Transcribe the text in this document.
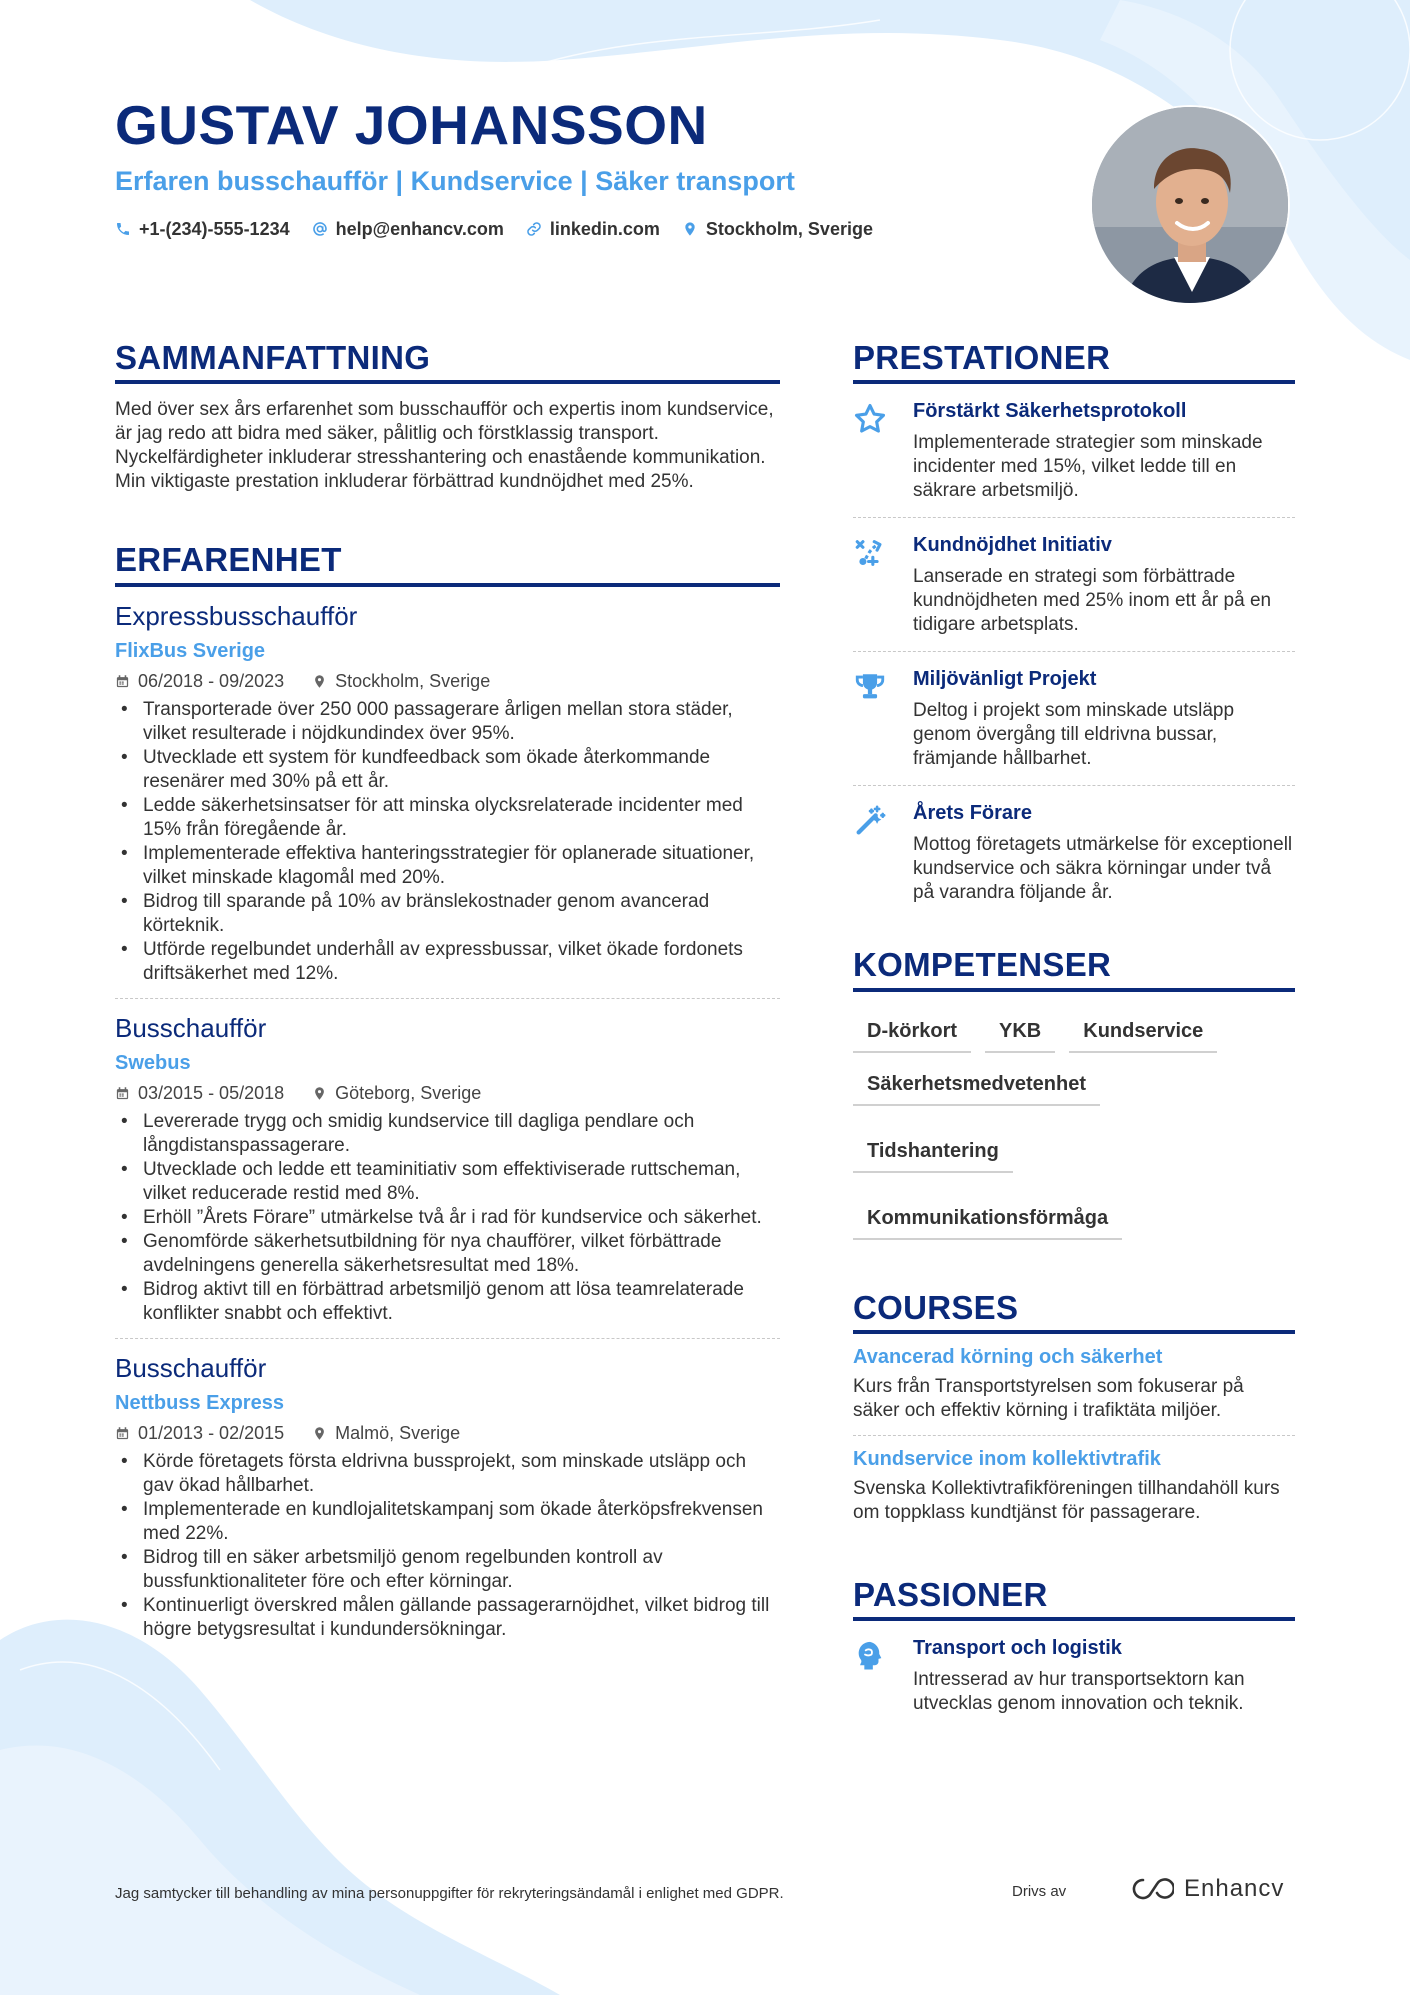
GUSTAV JOHANSSON
Erfaren busschaufför | Kundservice | Säker transport
+1-(234)-555-1234	help@enhancv.com	linkedin.com	Stockholm, Sverige
SAMMANFATTNING
Med över sex års erfarenhet som busschaufför och expertis inom kundservice, är jag redo att bidra med säker, pålitlig och förstklassig transport. Nyckelfärdigheter inkluderar stresshantering och enastående kommunikation. Min viktigaste prestation inkluderar förbättrad kundnöjdhet med 25%.
ERFARENHET
Expressbusschaufför
FlixBus Sverige
06/2018 - 09/2023	Stockholm, Sverige
• Transporterade över 250 000 passagerare årligen mellan stora städer, vilket resulterade i nöjdkundindex över 95%.
• Utvecklade ett system för kundfeedback som ökade återkommande resenärer med 30% på ett år.
• Ledde säkerhetsinsatser för att minska olycksrelaterade incidenter med 15% från föregående år.
• Implementerade effektiva hanteringsstrategier för oplanerade situationer, vilket minskade klagomål med 20%.
• Bidrog till sparande på 10% av bränslekostnader genom avancerad körteknik.
• Utförde regelbundet underhåll av expressbussar, vilket ökade fordonets driftsäkerhet med 12%.
Busschaufför
Swebus
03/2015 - 05/2018	Göteborg, Sverige
• Levererade trygg och smidig kundservice till dagliga pendlare och långdistanspassagerare.
• Utvecklade och ledde ett teaminitiativ som effektiviserade ruttscheman, vilket reducerade restid med 8%.
• Erhöll ”Årets Förare” utmärkelse två år i rad för kundservice och säkerhet.
• Genomförde säkerhetsutbildning för nya chaufförer, vilket förbättrade avdelningens generella säkerhetsresultat med 18%.
• Bidrog aktivt till en förbättrad arbetsmiljö genom att lösa teamrelaterade konflikter snabbt och effektivt.
Busschaufför
Nettbuss Express
01/2013 - 02/2015	Malmö, Sverige
• Körde företagets första eldrivna bussprojekt, som minskade utsläpp och gav ökad hållbarhet.
• Implementerade en kundlojalitetskampanj som ökade återköpsfrekvensen med 22%.
• Bidrog till en säker arbetsmiljö genom regelbunden kontroll av bussfunktionaliteter före och efter körningar.
• Kontinuerligt överskred målen gällande passagerarnöjdhet, vilket bidrog till högre betygsresultat i kundundersökningar.
PRESTATIONER
Förstärkt Säkerhetsprotokoll
Implementerade strategier som minskade incidenter med 15%, vilket ledde till en säkrare arbetsmiljö.
Kundnöjdhet Initiativ
Lanserade en strategi som förbättrade kundnöjdheten med 25% inom ett år på en tidigare arbetsplats.
Miljövänligt Projekt
Deltog i projekt som minskade utsläpp genom övergång till eldrivna bussar, främjande hållbarhet.
Årets Förare
Mottog företagets utmärkelse för exceptionell kundservice och säkra körningar under två på varandra följande år.
KOMPETENSER
D-körkort	YKB	Kundservice
Säkerhetsmedvetenhet
Tidshantering
Kommunikationsförmåga
COURSES
Avancerad körning och säkerhet
Kurs från Transportstyrelsen som fokuserar på säker och effektiv körning i trafiktäta miljöer.
Kundservice inom kollektivtrafik
Svenska Kollektivtrafikföreningen tillhandahöll kurs om toppklass kundtjänst för passagerare.
PASSIONER
Transport och logistik
Intresserad av hur transportsektorn kan utvecklas genom innovation och teknik.
Jag samtycker till behandling av mina personuppgifter för rekryteringsändamål i enlighet med GDPR.	Drivs av	Enhancv
